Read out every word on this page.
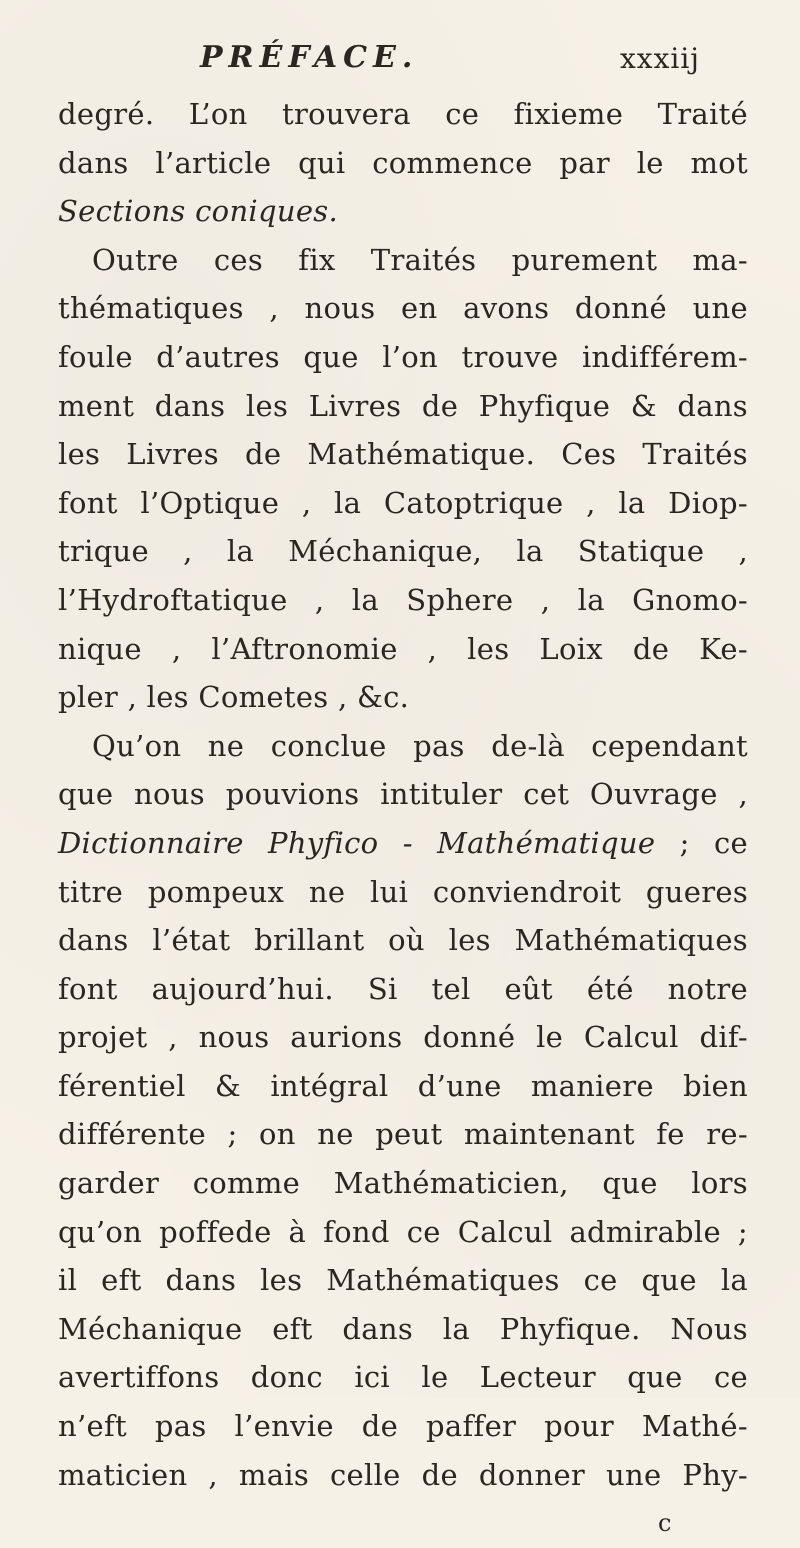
PRÉFACE.	xxxiij
degré. L’on trouvera ce fixieme Traité
dans l’article qui commence par le mot
Sections coniques.
Outre ces fix Traités purement ma-
thématiques , nous en avons donné une
foule d’autres que l’on trouve indifférem-
ment dans les Livres de Phyfique & dans
les Livres de Mathématique. Ces Traités
font l’Optique , la Catoptrique , la Diop-
trique , la Méchanique, la Statique ,
l’Hydroftatique , la Sphere , la Gnomo-
nique , l’Aftronomie , les Loix de Ke-
pler , les Cometes , &c.
Qu’on ne conclue pas de-là cependant
que nous pouvions intituler cet Ouvrage ,
Dictionnaire Phyfico - Mathématique ; ce
titre pompeux ne lui conviendroit gueres
dans l’état brillant où les Mathématiques
font aujourd’hui. Si tel eût été notre
projet , nous aurions donné le Calcul dif-
férentiel & intégral d’une maniere bien
différente ; on ne peut maintenant fe re-
garder comme Mathématicien, que lors
qu’on poffede à fond ce Calcul admirable ;
il eft dans les Mathématiques ce que la
Méchanique eft dans la Phyfique. Nous
avertiffons donc ici le Lecteur que ce
n’eft pas l’envie de paffer pour Mathé-
maticien , mais celle de donner une Phy-
c
